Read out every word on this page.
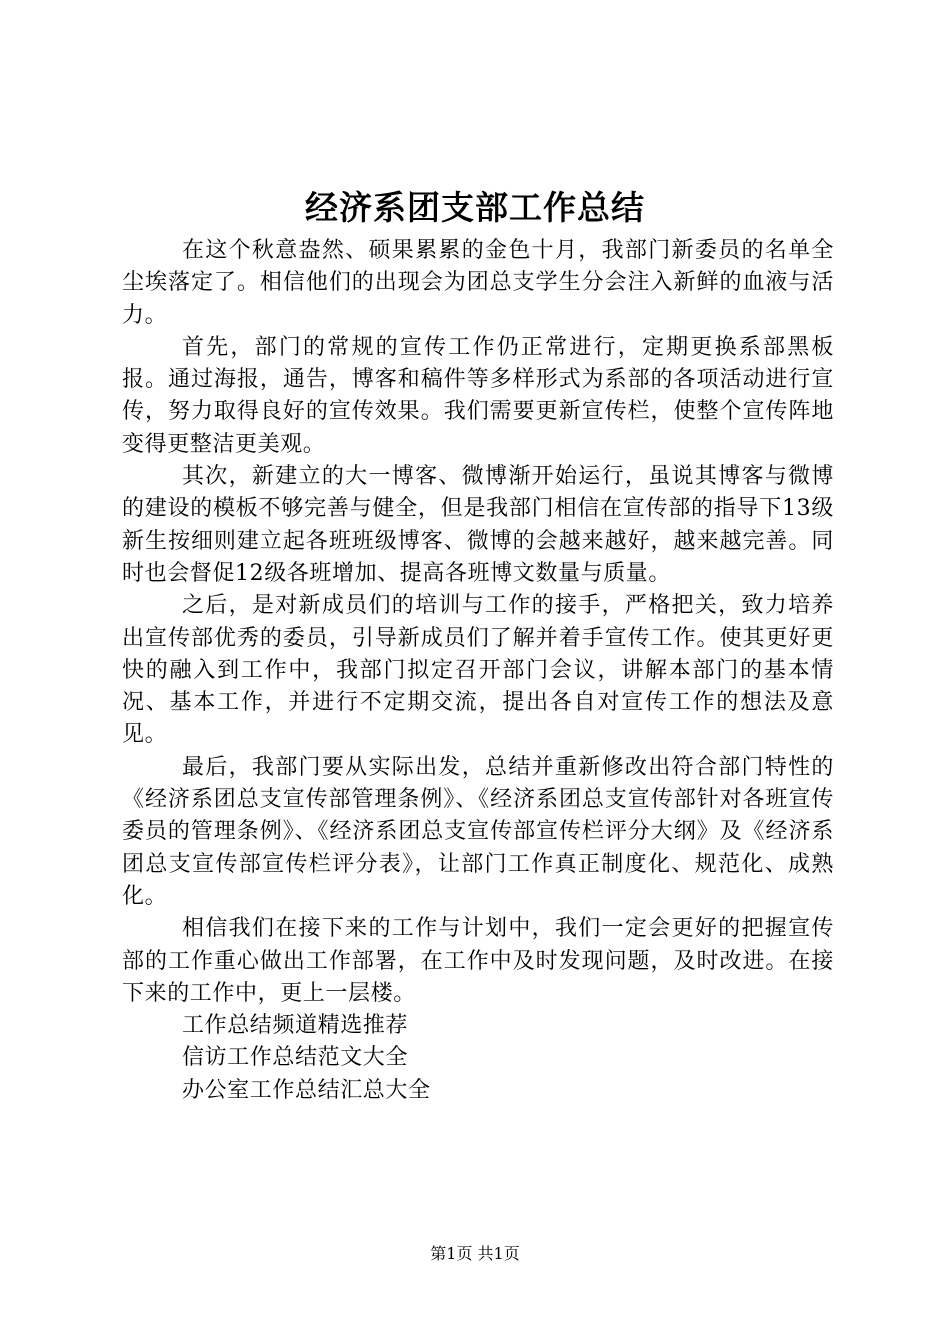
经济系团支部工作总结

在这个秋意盎然、硕果累累的金色十月，我部门新委员的名单全尘埃落定了。相信他们的出现会为团总支学生分会注入新鲜的血液与活力。

首先，部门的常规的宣传工作仍正常进行，定期更换系部黑板报。通过海报，通告，博客和稿件等多样形式为系部的各项活动进行宣传，努力取得良好的宣传效果。我们需要更新宣传栏，使整个宣传阵地变得更整洁更美观。

其次，新建立的大一博客、微博渐开始运行，虽说其博客与微博的建设的模板不够完善与健全，但是我部门相信在宣传部的指导下13级新生按细则建立起各班班级博客、微博的会越来越好，越来越完善。同时也会督促12级各班增加、提高各班博文数量与质量。

之后，是对新成员们的培训与工作的接手，严格把关，致力培养出宣传部优秀的委员，引导新成员们了解并着手宣传工作。使其更好更快的融入到工作中，我部门拟定召开部门会议，讲解本部门的基本情况、基本工作，并进行不定期交流，提出各自对宣传工作的想法及意见。

最后，我部门要从实际出发，总结并重新修改出符合部门特性的《经济系团总支宣传部管理条例》、《经济系团总支宣传部针对各班宣传委员的管理条例》、《经济系团总支宣传部宣传栏评分大纲》及《经济系团总支宣传部宣传栏评分表》，让部门工作真正制度化、规范化、成熟化。

相信我们在接下来的工作与计划中，我们一定会更好的把握宣传部的工作重心做出工作部署，在工作中及时发现问题，及时改进。在接下来的工作中，更上一层楼。

工作总结频道精选推荐
信访工作总结范文大全
办公室工作总结汇总大全
第1页 共1页
